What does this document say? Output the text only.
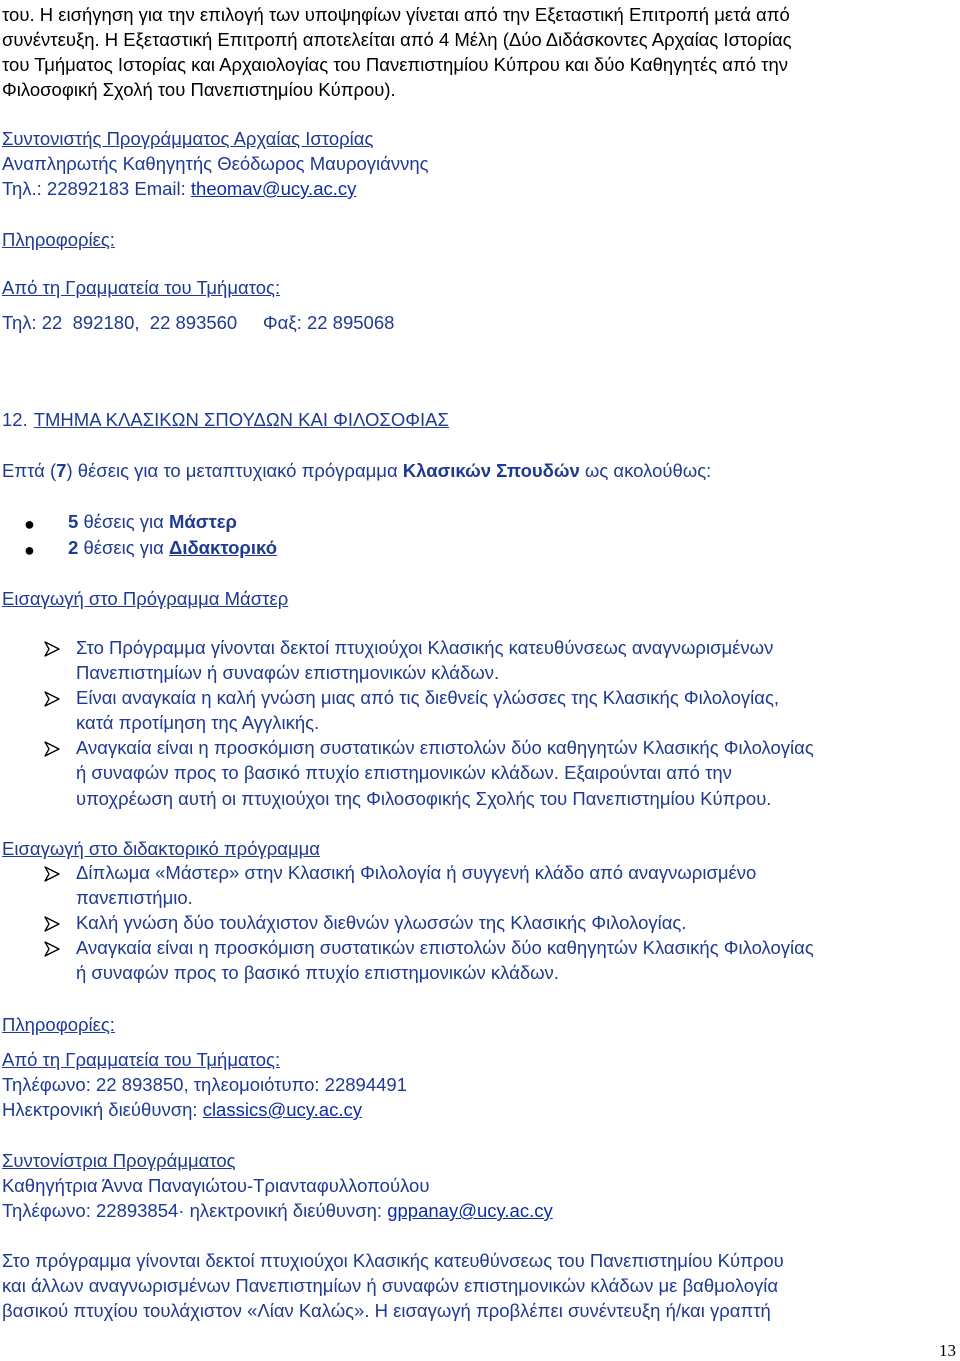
του. Η εισήγηση για την επιλογή των υποψηφίων γίνεται από την Εξεταστική Επιτροπή μετά από
συνέντευξη. Η Εξεταστική Επιτροπή αποτελείται από 4 Μέλη (Δύο Διδάσκοντες Αρχαίας Ιστορίας
του Τμήματος Ιστορίας και Αρχαιολογίας του Πανεπιστημίου Κύπρου και δύο Καθηγητές από την
Φιλοσοφική Σχολή του Πανεπιστημίου Κύπρου).
Συντονιστής Προγράμματος Αρχαίας Ιστορίας
Αναπληρωτής Καθηγητής Θεόδωρος Μαυρογιάννης
Τηλ.: 22892183 Email: theomav@ucy.ac.cy
Πληροφορίες:
Από τη Γραμματεία του Τμήματος:
Τηλ: 22  892180,  22 893560     Φαξ: 22 895068
12. ΤΜΗΜΑ ΚΛΑΣΙΚΩΝ ΣΠΟΥΔΩΝ ΚΑΙ ΦΙΛΟΣΟΦΙΑΣ
Επτά (7) θέσεις για το μεταπτυχιακό πρόγραμμα Κλασικών Σπουδών ως ακολούθως:
● 5 θέσεις για Μάστερ
● 2 θέσεις για Διδακτορικό
Εισαγωγή στο Πρόγραμμα Μάστερ
Στο Πρόγραμμα γίνονται δεκτοί πτυχιούχοι Κλασικής κατευθύνσεως αναγνωρισμένων
Πανεπιστημίων ή συναφών επιστημονικών κλάδων.
Είναι αναγκαία η καλή γνώση μιας από τις διεθνείς γλώσσες της Κλασικής Φιλολογίας,
κατά προτίμηση της Αγγλικής.
Αναγκαία είναι η προσκόμιση συστατικών επιστολών δύο καθηγητών Κλασικής Φιλολογίας
ή συναφών προς το βασικό πτυχίο επιστημονικών κλάδων. Εξαιρούνται από την
υποχρέωση αυτή οι πτυχιούχοι της Φιλοσοφικής Σχολής του Πανεπιστημίου Κύπρου.
Εισαγωγή στο διδακτορικό πρόγραμμα
Δίπλωμα «Μάστερ» στην Κλασική Φιλολογία ή συγγενή κλάδο από αναγνωρισμένο
πανεπιστήμιο.
Καλή γνώση δύο τουλάχιστον διεθνών γλωσσών της Κλασικής Φιλολογίας.
Αναγκαία είναι η προσκόμιση συστατικών επιστολών δύο καθηγητών Κλασικής Φιλολογίας
ή συναφών προς το βασικό πτυχίο επιστημονικών κλάδων.
Πληροφορίες:
Από τη Γραμματεία του Τμήματος:
Τηλέφωνο: 22 893850, τηλεομοιότυπο: 22894491
Ηλεκτρονική διεύθυνση: classics@ucy.ac.cy
Συντονίστρια Προγράμματος
Καθηγήτρια Άννα Παναγιώτου-Τριανταφυλλοπούλου
Τηλέφωνο: 22893854· ηλεκτρονική διεύθυνση: gppanay@ucy.ac.cy
Στο πρόγραμμα γίνονται δεκτοί πτυχιούχοι Κλασικής κατευθύνσεως του Πανεπιστημίου Κύπρου
και άλλων αναγνωρισμένων Πανεπιστημίων ή συναφών επιστημονικών κλάδων με βαθμολογία
βασικού πτυχίου τουλάχιστον «Λίαν Καλώς». Η εισαγωγή προβλέπει συνέντευξη ή/και γραπτή
13
